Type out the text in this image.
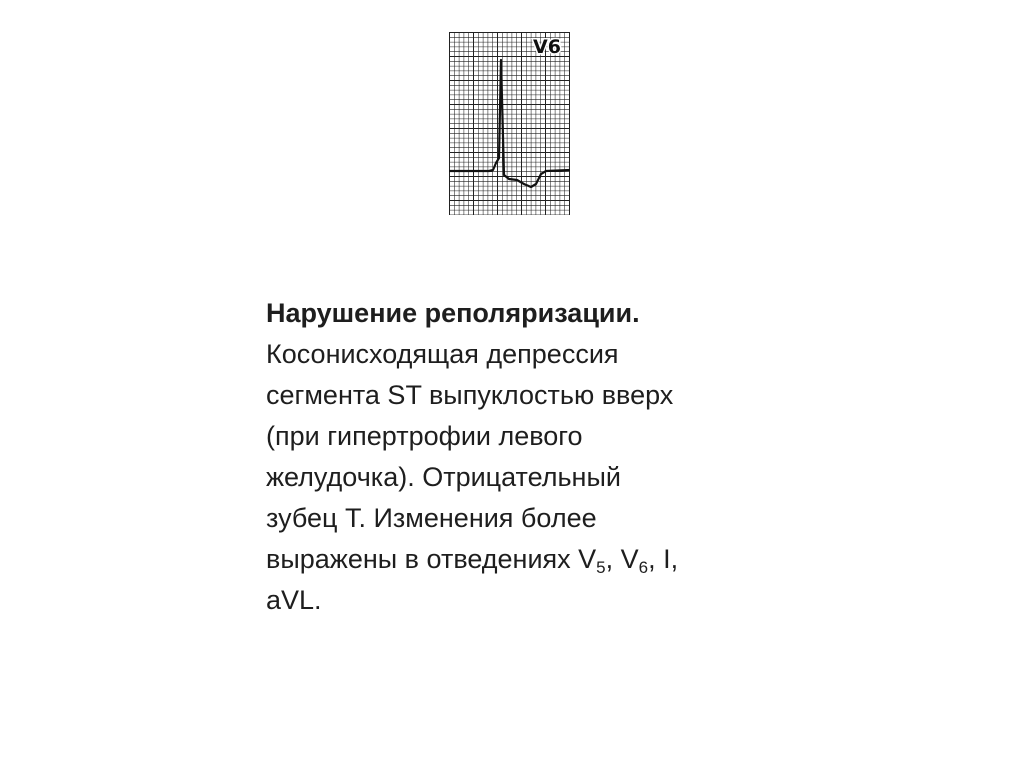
V6
Нарушение реполяризации.
Косонисходящая депрессия
сегмента ST выпуклостью вверх
(при гипертрофии левого
желудочка). Отрицательный
зубец Т. Изменения более
выражены в отведениях $V_5$, $V_6$, I,
aVL.
